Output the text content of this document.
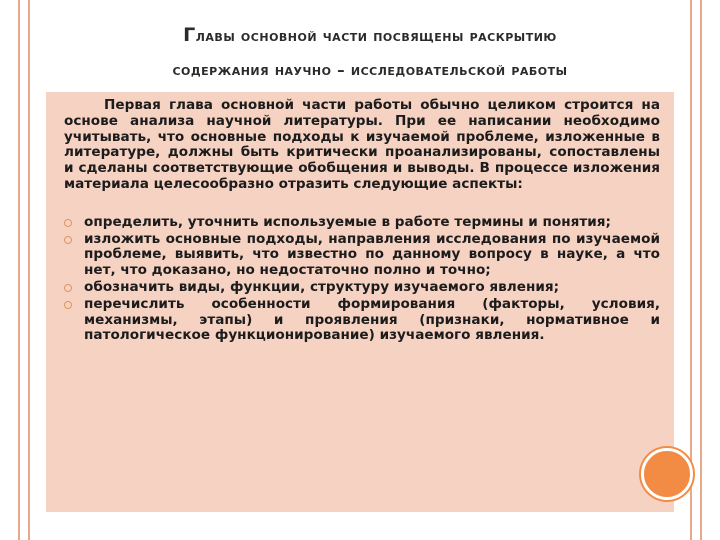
Главы основной части посвящены раскрытию
содержания научно – исследовательской работы

Первая глава основной части работы обычно целиком строится на основе анализа научной литературы. При ее написании необходимо учитывать, что основные подходы к изучаемой проблеме, изложенные в литературе, должны быть критически проанализированы, сопоставлены и сделаны соответствующие обобщения и выводы. В процессе изложения материала целесообразно отразить следующие аспекты:

определить, уточнить используемые в работе термины и понятия;
изложить основные подходы, направления исследования по изучаемой проблеме, выявить, что известно по данному вопросу в науке, а что нет, что доказано, но недостаточно полно и точно;
обозначить виды, функции, структуру изучаемого явления;
перечислить особенности формирования (факторы, условия, механизмы, этапы) и проявления (признаки, нормативное и патологическое функционирование) изучаемого явления.
